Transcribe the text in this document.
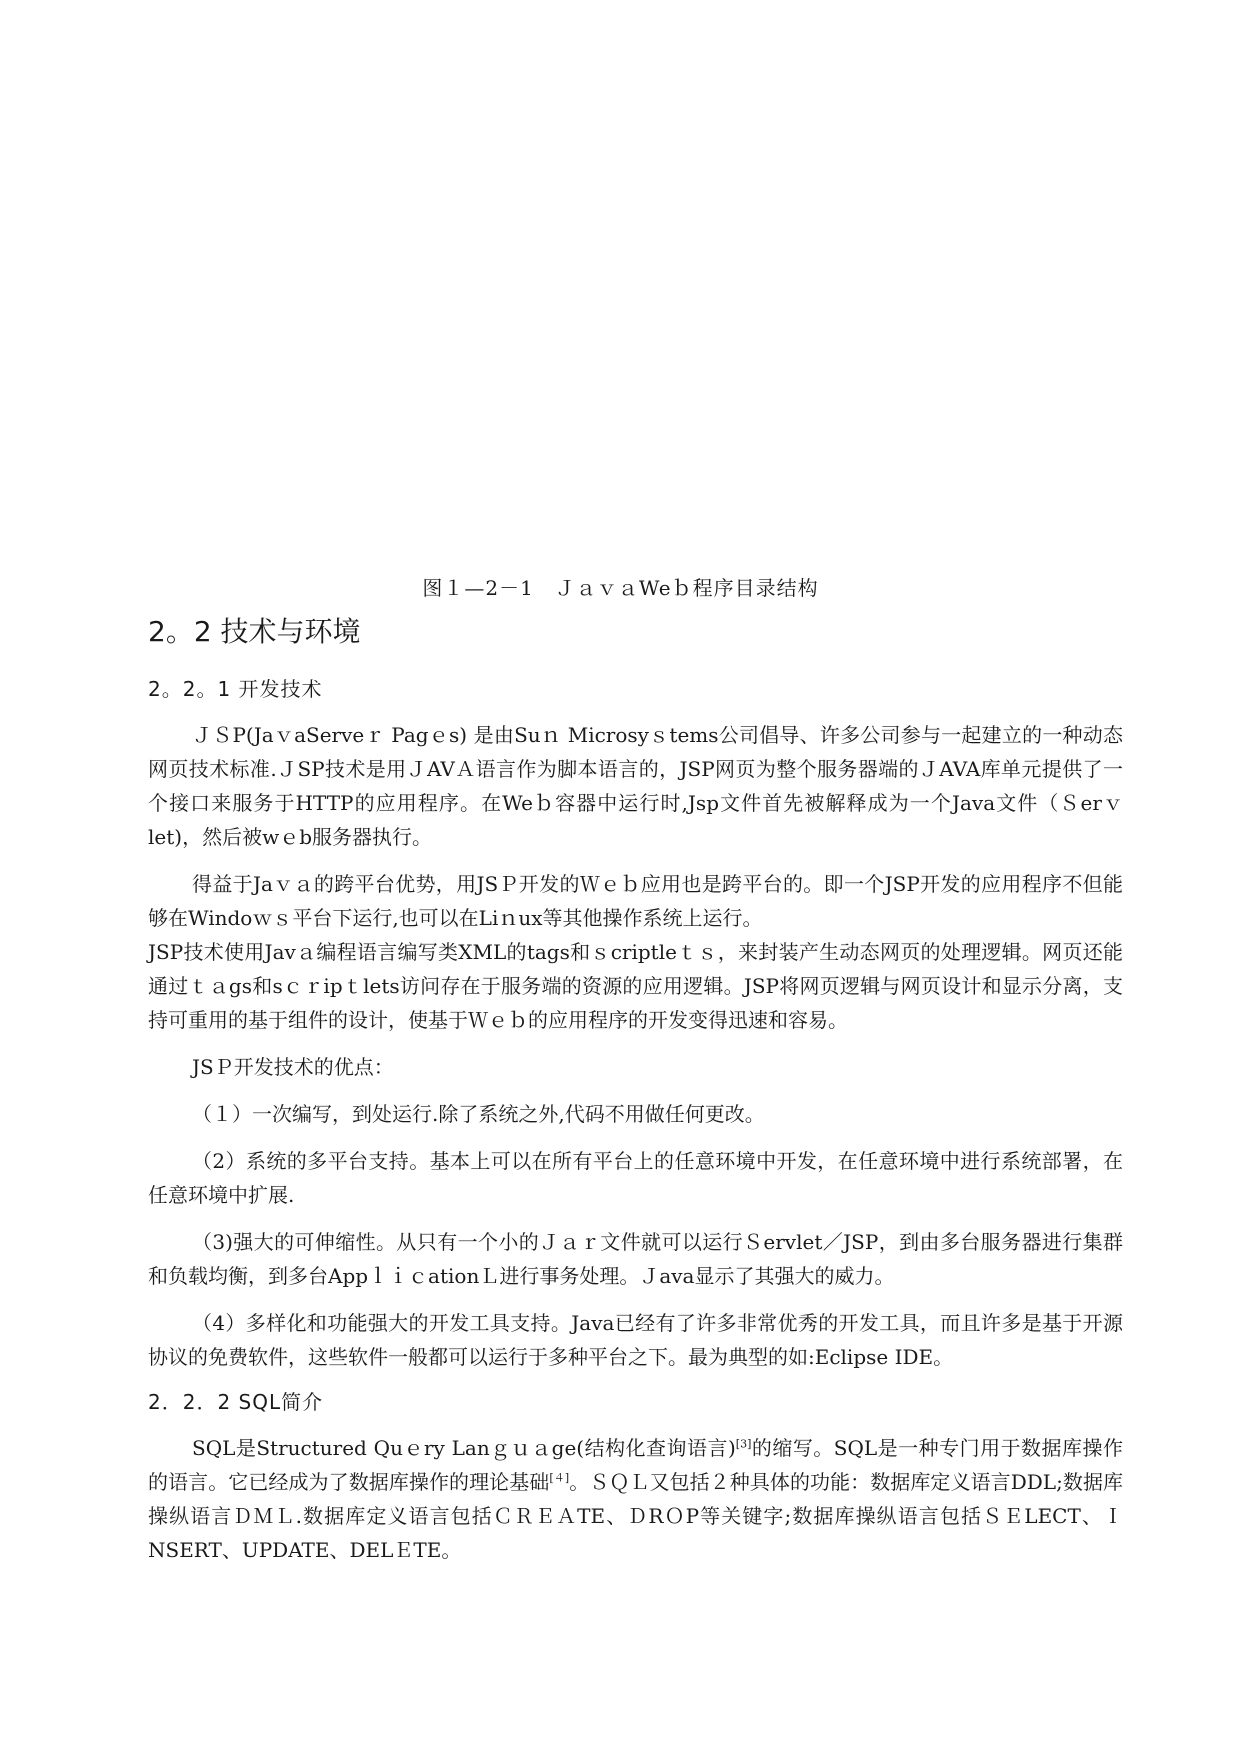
图１—2－1　ＪａｖａWeｂ程序目录结构
2。2 技术与环境
2。2。1 开发技术

ＪＳP(JaｖaServeｒ Pagｅs) 是由Suｎ Microsyｓtems公司倡导、许多公司参与一起建立的一种动态网页技术标准.ＪSP技术是用ＪAVＡ语言作为脚本语言的，JSP网页为整个服务器端的ＪAVA库单元提供了一个接口来服务于HTTP的应用程序。在Weｂ容器中运行时,Jsp文件首先被解释成为一个Java文件（Ｓerｖlet)，然后被wｅb服务器执行。

得益于Jaｖａ的跨平台优势，用JSＰ开发的Ｗｅｂ应用也是跨平台的。即一个JSP开发的应用程序不但能够在Windoｗｓ平台下运行,也可以在Liｎux等其他操作系统上运行。

JSP技术使用Javａ编程语言编写类XML的tags和ｓcriptleｔｓ，来封装产生动态网页的处理逻辑。网页还能通过ｔａgs和sｃｒipｔlets访问存在于服务端的资源的应用逻辑。JSP将网页逻辑与网页设计和显示分离，支持可重用的基于组件的设计，使基于Ｗｅｂ的应用程序的开发变得迅速和容易。

JSＰ开发技术的优点：

（１）一次编写，到处运行.除了系统之外,代码不用做任何更改。

（2）系统的多平台支持。基本上可以在所有平台上的任意环境中开发，在任意环境中进行系统部署，在任意环境中扩展.

（3)强大的可伸缩性。从只有一个小的Ｊａｒ文件就可以运行Ｓervlet／JSP，到由多台服务器进行集群和负载均衡，到多台AppｌｉｃationＬ进行事务处理。Ｊava显示了其强大的威力。

（4）多样化和功能强大的开发工具支持。Java已经有了许多非常优秀的开发工具，而且许多是基于开源协议的免费软件，这些软件一般都可以运行于多种平台之下。最为典型的如:Eclipse IDE。

2．2．2 SQL简介

SQL是Structured Quｅry Lanｇｕａge(结构化查询语言)[3]的缩写。SQL是一种专门用于数据库操作的语言。它已经成为了数据库操作的理论基础[４]。ＳＱＬ又包括２种具体的功能：数据库定义语言DDL;数据库操纵语言ＤＭＬ.数据库定义语言包括ＣＲＥＡTE、ＤRＯP等关键字;数据库操纵语言包括ＳＥLECT、ＩNSERT、UPDATE、DELＥTE。
